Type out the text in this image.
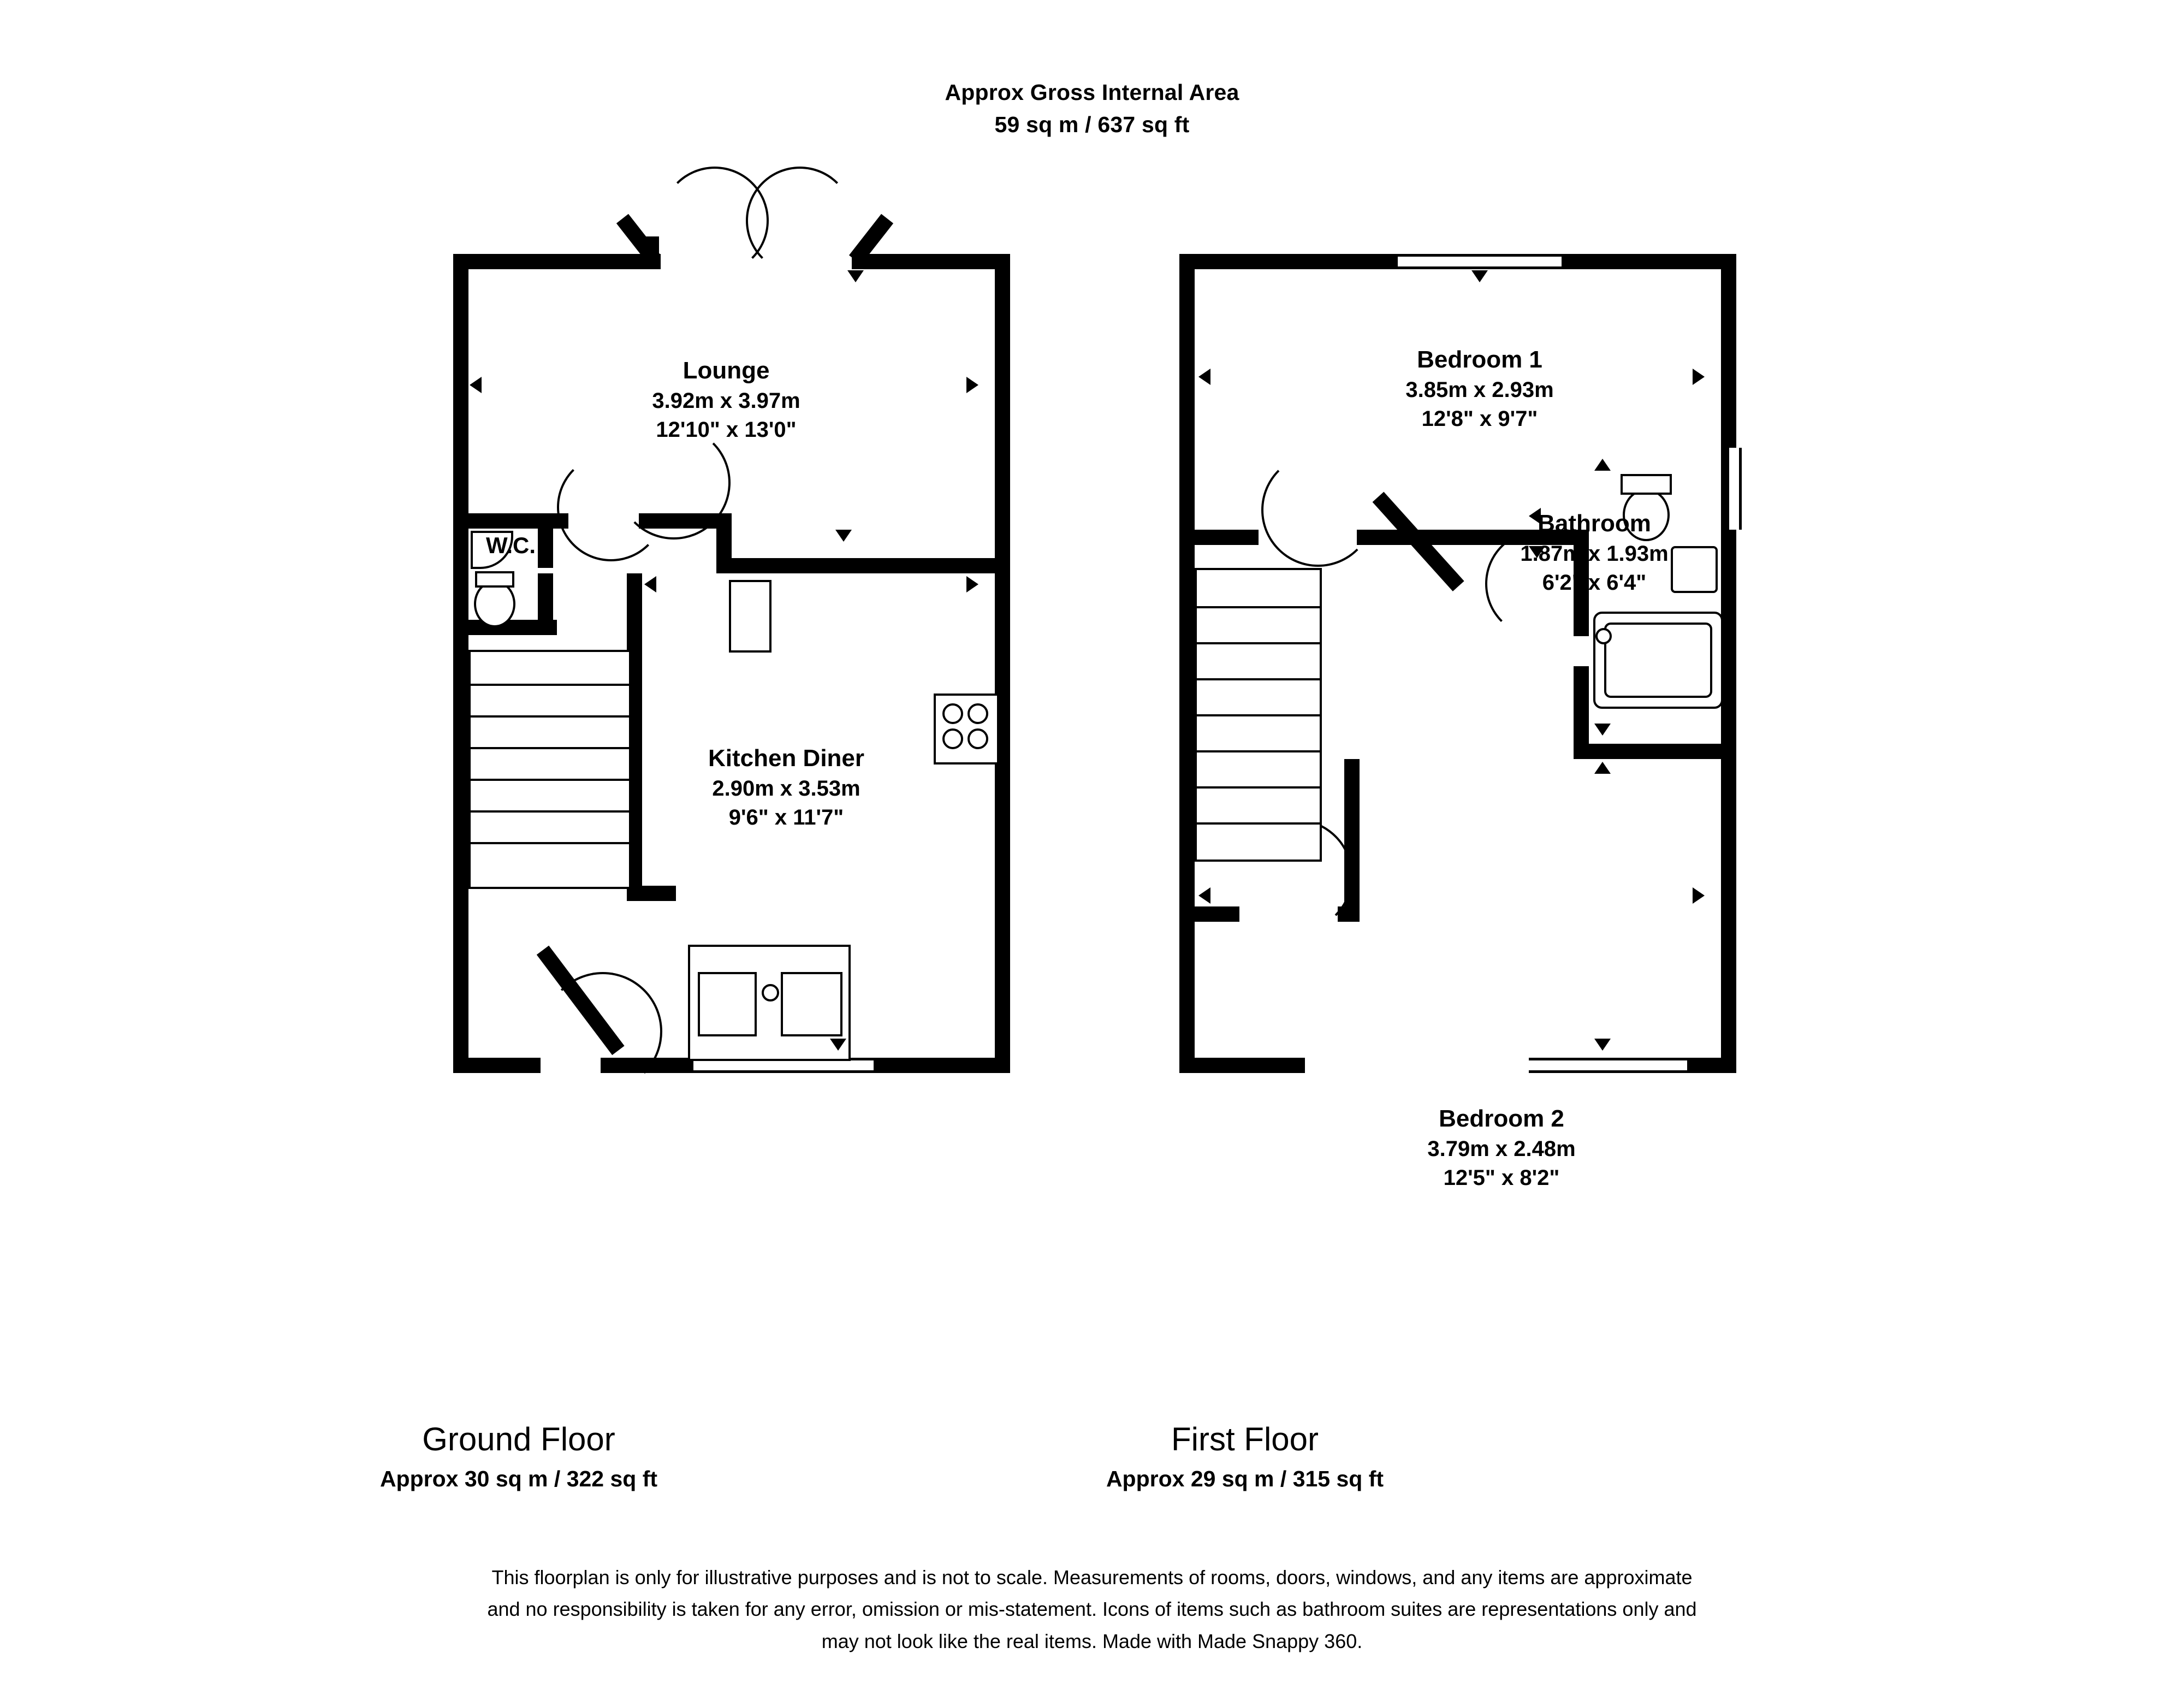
Approx Gross Internal Area
59 sq m / 637 sq ft
Lounge
3.92m x 3.97m
12'10" x 13'0"
Kitchen Diner
2.90m x 3.53m
9'6" x 11'7"
W.C.
Bedroom 1
3.85m x 2.93m
12'8" x 9'7"
Bathroom
1.87m x 1.93m
6'2" x 6'4"
Bedroom 2
3.79m x 2.48m
12'5" x 8'2"
Ground Floor
Approx 30 sq m / 322 sq ft
First Floor
Approx 29 sq m / 315 sq ft
This floorplan is only for illustrative purposes and is not to scale. Measurements of rooms, doors, windows, and any items are approximate
and no responsibility is taken for any error, omission or mis-statement. Icons of items such as bathroom suites are representations only and
may not look like the real items. Made with Made Snappy 360.
